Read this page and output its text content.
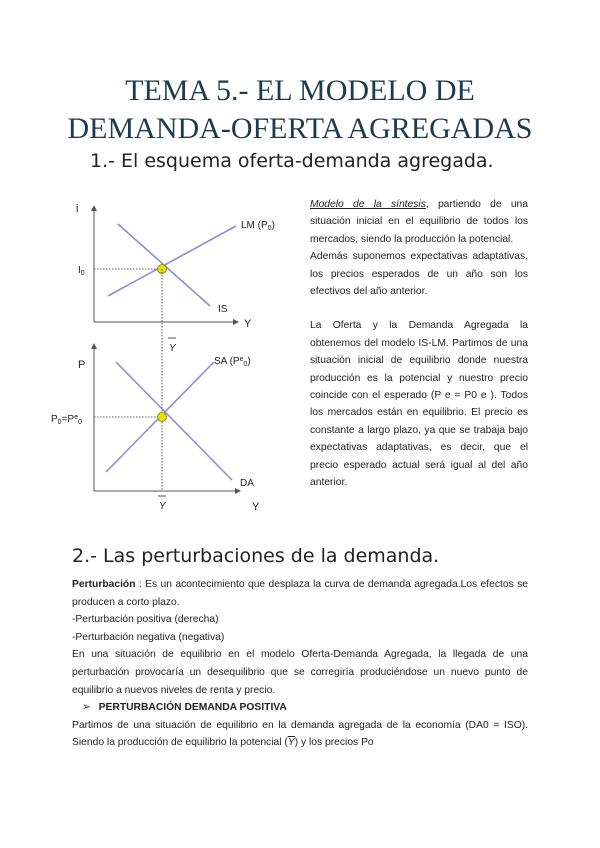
TEMA 5.- EL MODELO DE
DEMANDA-OFERTA AGREGADAS
1.- El esquema oferta-demanda agregada.
i
Y
LM $(P_0)$
IS
$I_0$
Y
P
Y
SA $(P^e_0)$
DA
$P_0=P^e_0$
Y

Modelo de la síntesis, partiendo de una situación inicial en el equilibrio de todos los mercados, siendo la producción la potencial.

Además suponemos expectativas adaptativas, los precios esperados de un año son los efectivos del año anterior.

La Oferta y la Demanda Agregada la obtenemos del modelo IS-LM. Partimos de una situación inicial de equilibrio donde nuestra producción es la potencial y nuestro precio coincide con el esperado (P e = P0 e ). Todos los mercados están en equilibrio. El precio es constante a largo plazo, ya que se trabaja bajo expectativas adaptativas, es decir, que el precio esperado actual será igual al del año anterior.

2.- Las perturbaciones de la demanda.

Perturbación : Es un acontecimiento que desplaza la curva de demanda agregada.Los efectos se producen a corto plazo.

-Perturbación positiva (derecha)

-Perturbación negativa (negativa)

En una situación de equilibrio en el modelo Oferta-Demanda Agregada, la llegada de una perturbación provocaría un desequilibrio que se corregiría produciéndose un nuevo punto de equilibrio a nuevos niveles de renta y precio.

➢ PERTURBACIÓN DEMANDA POSITIVA

Partimos de una situación de equilibrio en la demanda agregada de la economía (DA0 = ISO). Siendo la producción de equilibrio la potencial $(\overline{Y})$ y los precios Po
